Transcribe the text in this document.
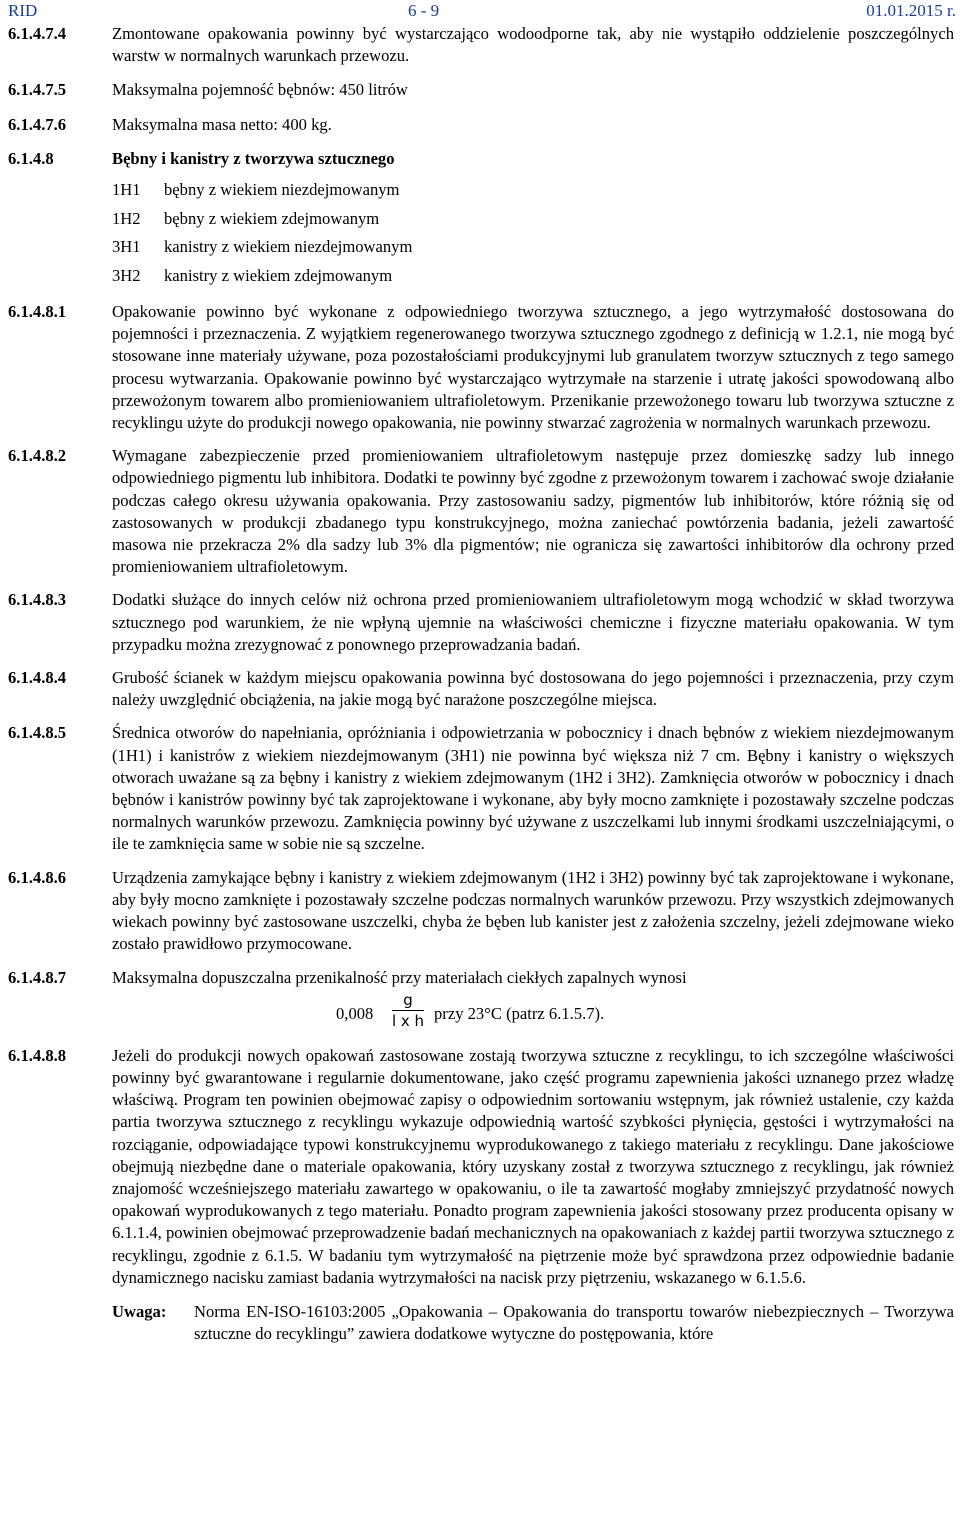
RID	6 - 9	01.01.2015 r.
6.1.4.7.4	Zmontowane opakowania powinny być wystarczająco wodoodporne tak, aby nie wystąpiło oddzielenie poszczególnych warstw w normalnych warunkach przewozu.
6.1.4.7.5	Maksymalna pojemność bębnów: 450 litrów
6.1.4.7.6	Maksymalna masa netto: 400 kg.
6.1.4.8	Bębny i kanistry z tworzywa sztucznego
1H1 bębny z wiekiem niezdejmowanym
1H2 bębny z wiekiem zdejmowanym
3H1 kanistry z wiekiem niezdejmowanym
3H2 kanistry z wiekiem zdejmowanym
6.1.4.8.1	Opakowanie powinno być wykonane z odpowiedniego tworzywa sztucznego, a jego wytrzymałość dostosowana do pojemności i przeznaczenia. Z wyjątkiem regenerowanego tworzywa sztucznego zgodnego z definicją w 1.2.1, nie mogą być stosowane inne materiały używane, poza pozostałościami produkcyjnymi lub granulatem tworzyw sztucznych z tego samego procesu wytwarzania. Opakowanie powinno być wystarczająco wytrzymałe na starzenie i utratę jakości spowodowaną albo przewożonym towarem albo promieniowaniem ultrafioletowym. Przenikanie przewożonego towaru lub tworzywa sztuczne z recyklingu użyte do produkcji nowego opakowania, nie powinny stwarzać zagrożenia w normalnych warunkach przewozu.
6.1.4.8.2	Wymagane zabezpieczenie przed promieniowaniem ultrafioletowym następuje przez domieszkę sadzy lub innego odpowiedniego pigmentu lub inhibitora. Dodatki te powinny być zgodne z przewożonym towarem i zachować swoje działanie podczas całego okresu używania opakowania. Przy zastosowaniu sadzy, pigmentów lub inhibitorów, które różnią się od zastosowanych w produkcji zbadanego typu konstrukcyjnego, można zaniechać powtórzenia badania, jeżeli zawartość masowa nie przekracza 2% dla sadzy lub 3% dla pigmentów; nie ogranicza się zawartości inhibitorów dla ochrony przed promieniowaniem ultrafioletowym.
6.1.4.8.3	Dodatki służące do innych celów niż ochrona przed promieniowaniem ultrafioletowym mogą wchodzić w skład tworzywa sztucznego pod warunkiem, że nie wpłyną ujemnie na właściwości chemiczne i fizyczne materiału opakowania. W tym przypadku można zrezygnować z ponownego przeprowadzania badań.
6.1.4.8.4	Grubość ścianek w każdym miejscu opakowania powinna być dostosowana do jego pojemności i przeznaczenia, przy czym należy uwzględnić obciążenia, na jakie mogą być narażone poszczególne miejsca.
6.1.4.8.5	Średnica otworów do napełniania, opróżniania i odpowietrzania w pobocznicy i dnach bębnów z wiekiem niezdejmowanym (1H1) i kanistrów z wiekiem niezdejmowanym (3H1) nie powinna być większa niż 7 cm. Bębny i kanistry o większych otworach uważane są za bębny i kanistry z wiekiem zdejmowanym (1H2 i 3H2). Zamknięcia otworów w pobocznicy i dnach bębnów i kanistrów powinny być tak zaprojektowane i wykonane, aby były mocno zamknięte i pozostawały szczelne podczas normalnych warunków przewozu. Zamknięcia powinny być używane z uszczelkami lub innymi środkami uszczelniającymi, o ile te zamknięcia same w sobie nie są szczelne.
6.1.4.8.6	Urządzenia zamykające bębny i kanistry z wiekiem zdejmowanym (1H2 i 3H2) powinny być tak zaprojektowane i wykonane, aby były mocno zamknięte i pozostawały szczelne podczas normalnych warunków przewozu. Przy wszystkich zdejmowanych wiekach powinny być zastosowane uszczelki, chyba że bęben lub kanister jest z założenia szczelny, jeżeli zdejmowane wieko zostało prawidłowo przymocowane.
6.1.4.8.7	Maksymalna dopuszczalna przenikalność przy materiałach ciekłych zapalnych wynosi
0,008
g
l x h przy 23°C (patrz 6.1.5.7).
6.1.4.8.8	Jeżeli do produkcji nowych opakowań zastosowane zostają tworzywa sztuczne z recyklingu, to ich szczególne właściwości powinny być gwarantowane i regularnie dokumentowane, jako część programu zapewnienia jakości uznanego przez władzę właściwą. Program ten powinien obejmować zapisy o odpowiednim sortowaniu wstępnym, jak również ustalenie, czy każda partia tworzywa sztucznego z recyklingu wykazuje odpowiednią wartość szybkości płynięcia, gęstości i wytrzymałości na rozciąganie, odpowiadające typowi konstrukcyjnemu wyprodukowanego z takiego materiału z recyklingu. Dane jakościowe obejmują niezbędne dane o materiale opakowania, który uzyskany został z tworzywa sztucznego z recyklingu, jak również znajomość wcześniejszego materiału zawartego w opakowaniu, o ile ta zawartość mogłaby zmniejszyć przydatność nowych opakowań wyprodukowanych z tego materiału. Ponadto program zapewnienia jakości stosowany przez producenta opisany w 6.1.1.4, powinien obejmować przeprowadzenie badań mechanicznych na opakowaniach z każdej partii tworzywa sztucznego z recyklingu, zgodnie z 6.1.5. W badaniu tym wytrzymałość na piętrzenie może być sprawdzona przez odpowiednie badanie dynamicznego nacisku zamiast badania wytrzymałości na nacisk przy piętrzeniu, wskazanego w 6.1.5.6.
Uwaga: Norma EN-ISO-16103:2005 „Opakowania – Opakowania do transportu towarów niebezpiecznych – Tworzywa sztuczne do recyklingu” zawiera dodatkowe wytyczne do postępowania, które
